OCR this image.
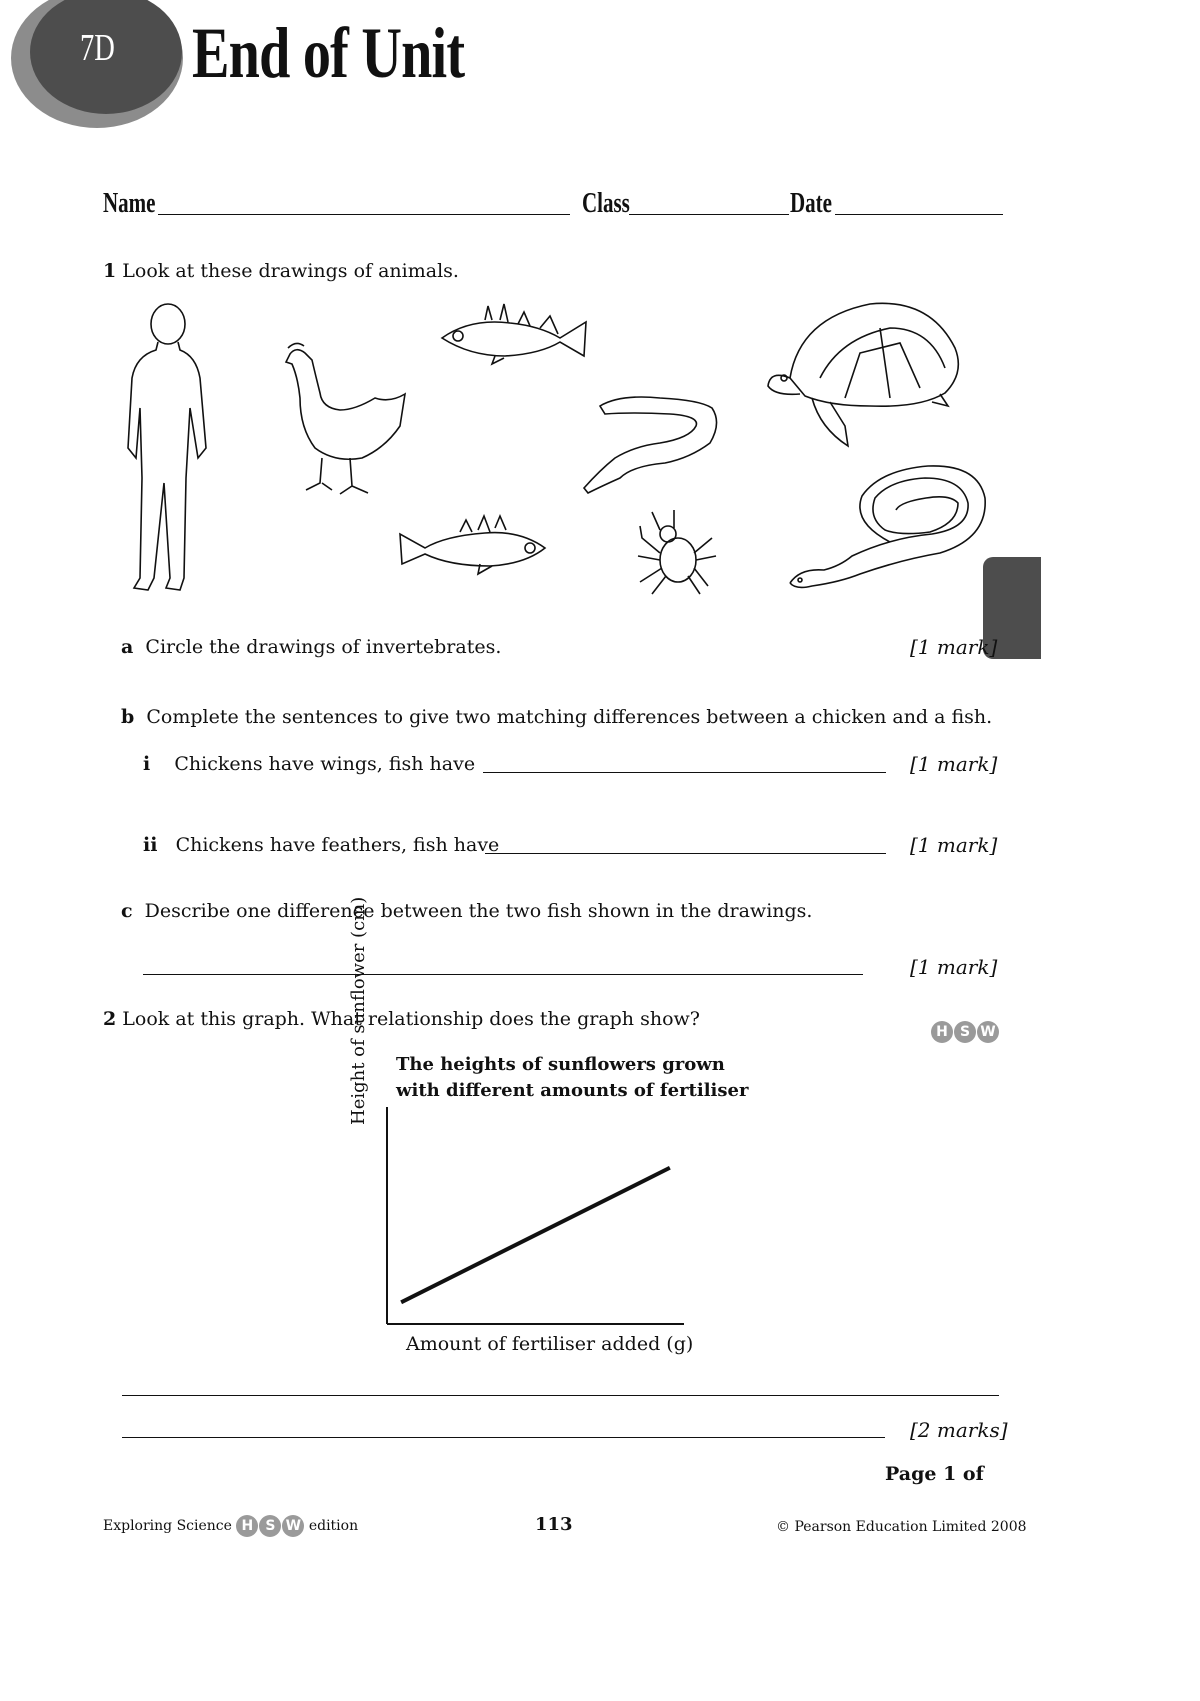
7D End of Unit
Name	Class	Date
1 Look at these drawings of animals.
a Circle the drawings of invertebrates.	[1 mark]
b Complete the sentences to give two matching differences between a chicken and a fish.
i Chickens have wings, fish have	[1 mark]
ii Chickens have feathers, fish have	[1 mark]
c Describe one difference between the two fish shown in the drawings.
[1 mark]
2 Look at this graph. What relationship does the graph show?
H S W
The heights of sunflowers grown
with different amounts of fertiliser
Height of sunflower (cm)
Amount of fertiliser added (g)
[2 marks]
Page 1 of
Exploring Science H S W edition	113	© Pearson Education Limited 2008
